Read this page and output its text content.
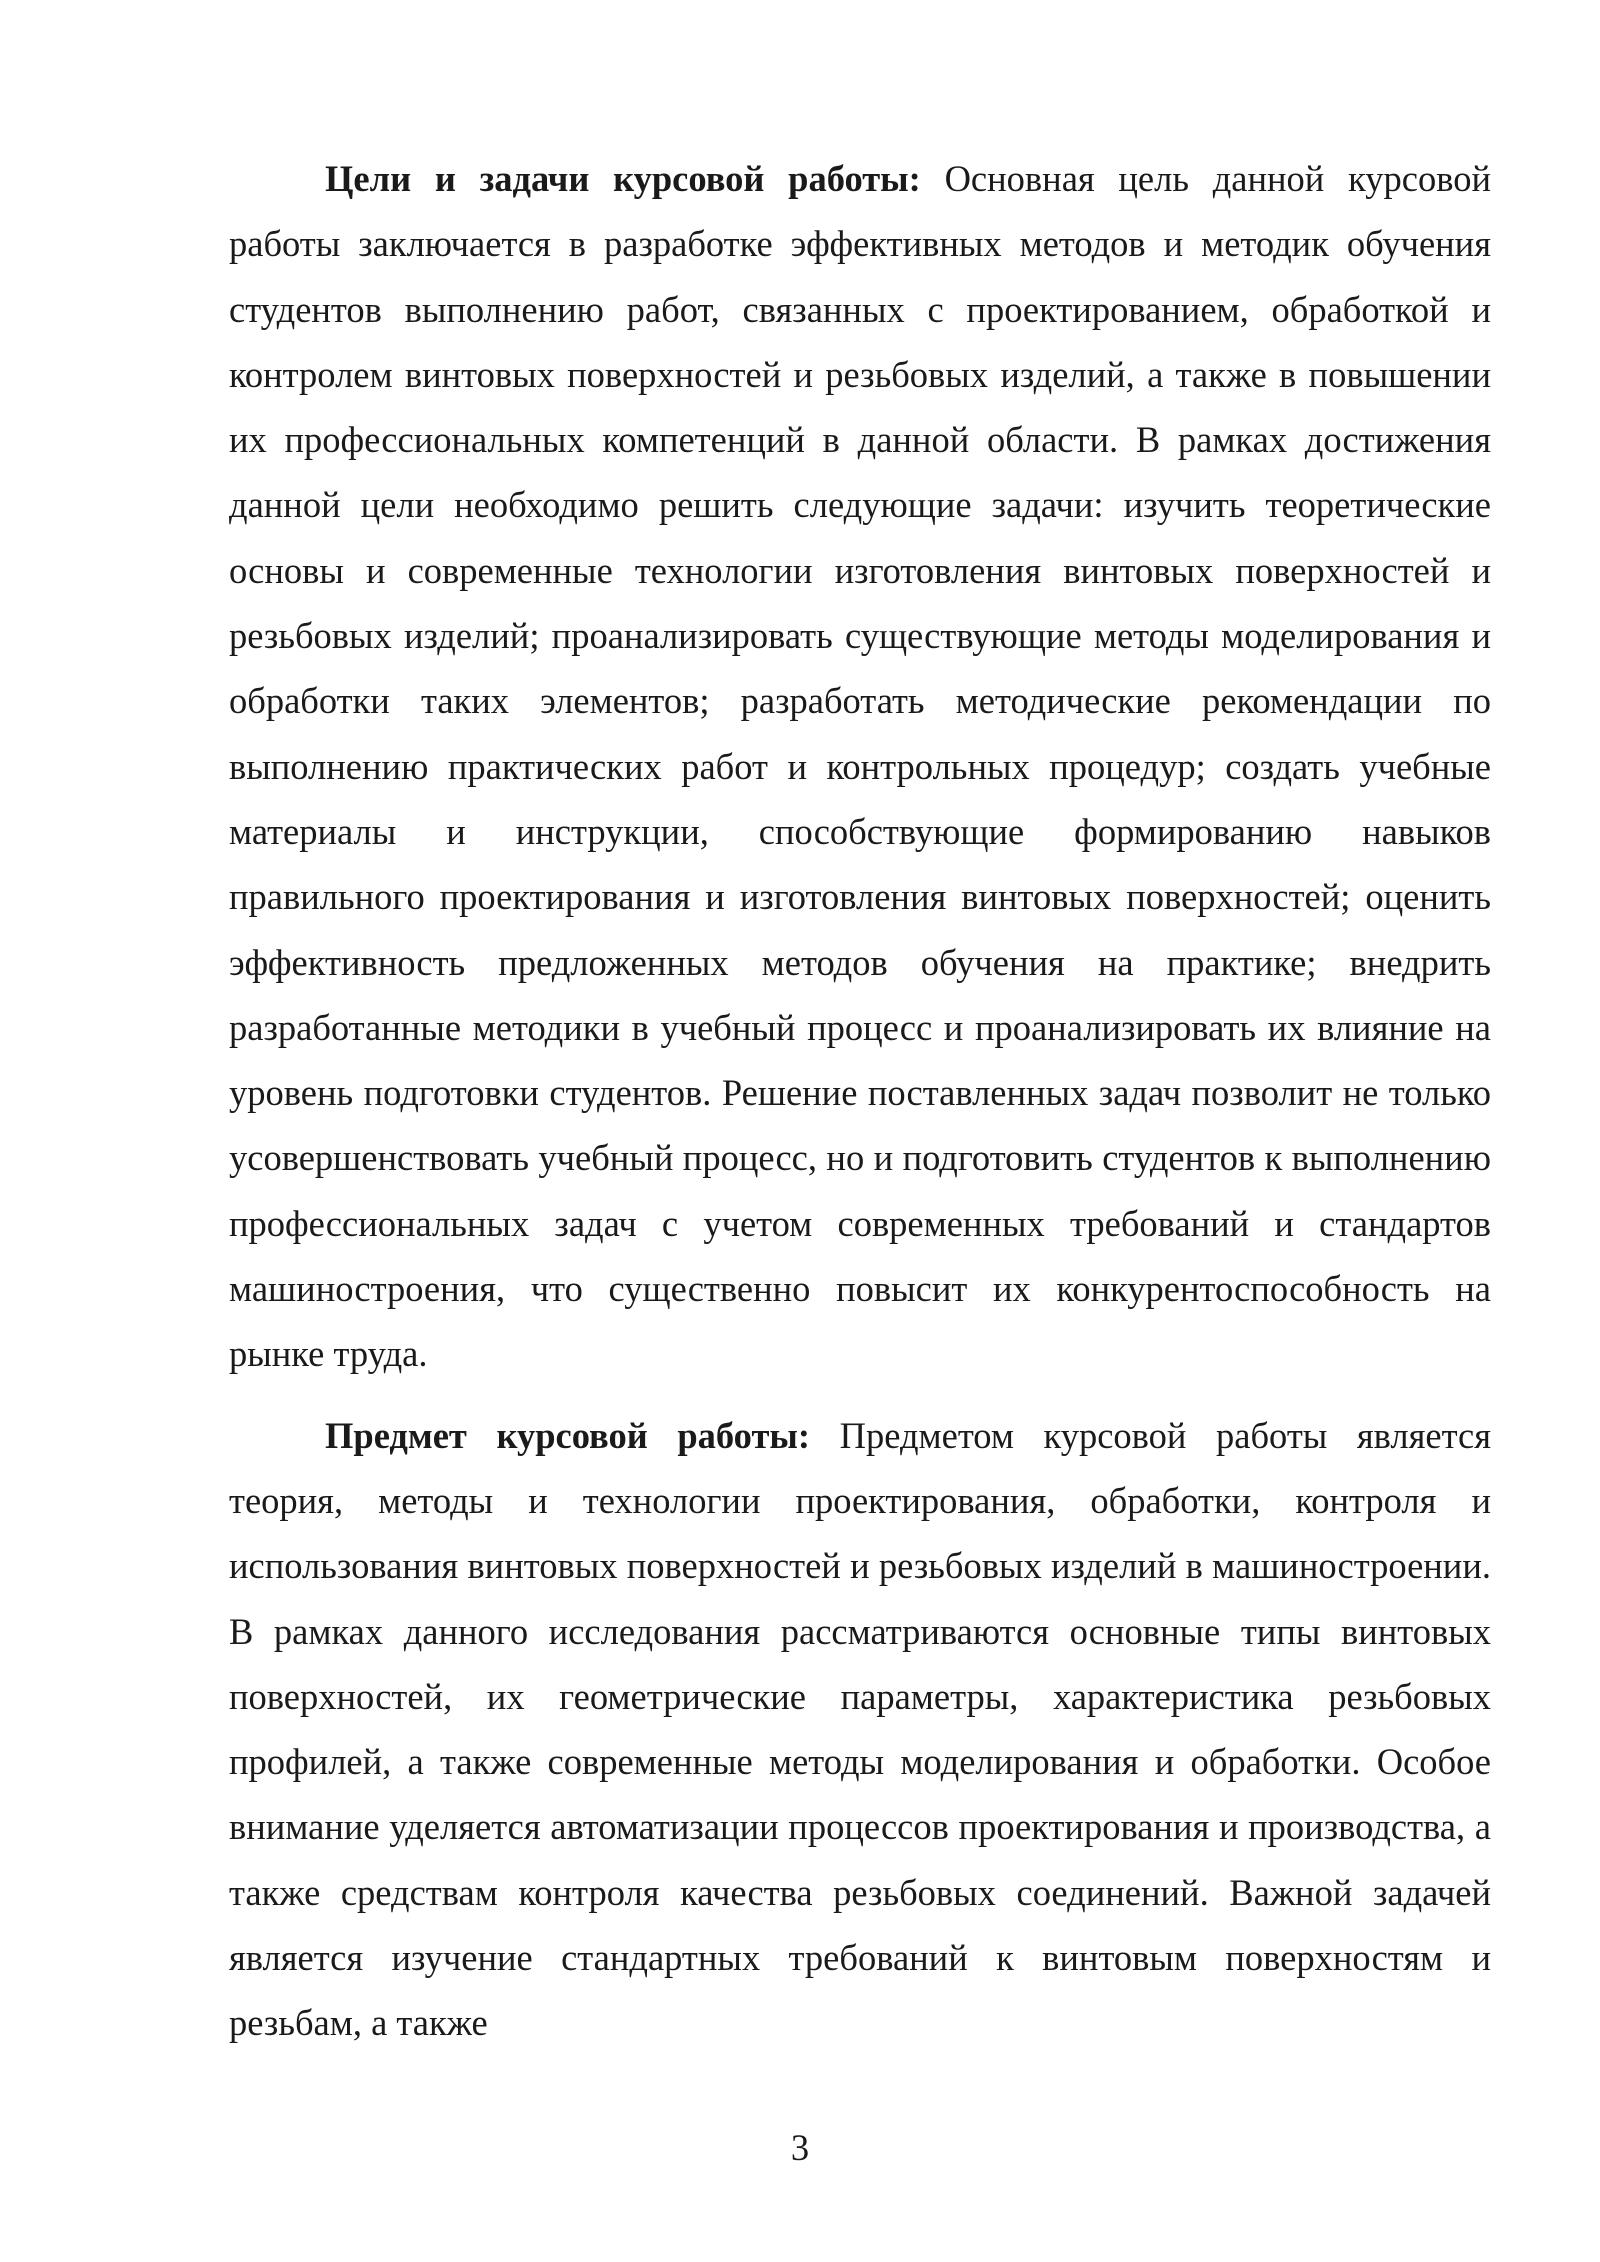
Цели и задачи курсовой работы: Основная цель данной курсовой работы заключается в разработке эффективных методов и методик обучения студентов выполнению работ, связанных с проектированием, обработкой и контролем винтовых поверхностей и резьбовых изделий, а также в повышении их профессиональных компетенций в данной области. В рамках достижения данной цели необходимо решить следующие задачи: изучить теоретические основы и современные технологии изготовления винтовых поверхностей и резьбовых изделий; проанализировать существующие методы моделирования и обработки таких элементов; разработать методические рекомендации по выполнению практических работ и контрольных процедур; создать учебные материалы и инструкции, способствующие формированию навыков правильного проектирования и изготовления винтовых поверхностей; оценить эффективность предложенных методов обучения на практике; внедрить разработанные методики в учебный процесс и проанализировать их влияние на уровень подготовки студентов. Решение поставленных задач позволит не только усовершенствовать учебный процесс, но и подготовить студентов к выполнению профессиональных задач с учетом современных требований и стандартов машиностроения, что существенно повысит их конкурентоспособность на рынке труда.

Предмет курсовой работы: Предметом курсовой работы является теория, методы и технологии проектирования, обработки, контроля и использования винтовых поверхностей и резьбовых изделий в машиностроении. В рамках данного исследования рассматриваются основные типы винтовых поверхностей, их геометрические параметры, характеристика резьбовых профилей, а также современные методы моделирования и обработки. Особое внимание уделяется автоматизации процессов проектирования и производства, а также средствам контроля качества резьбовых соединений. Важной задачей является изучение стандартных требований к винтовым поверхностям и резьбам, а также

3
